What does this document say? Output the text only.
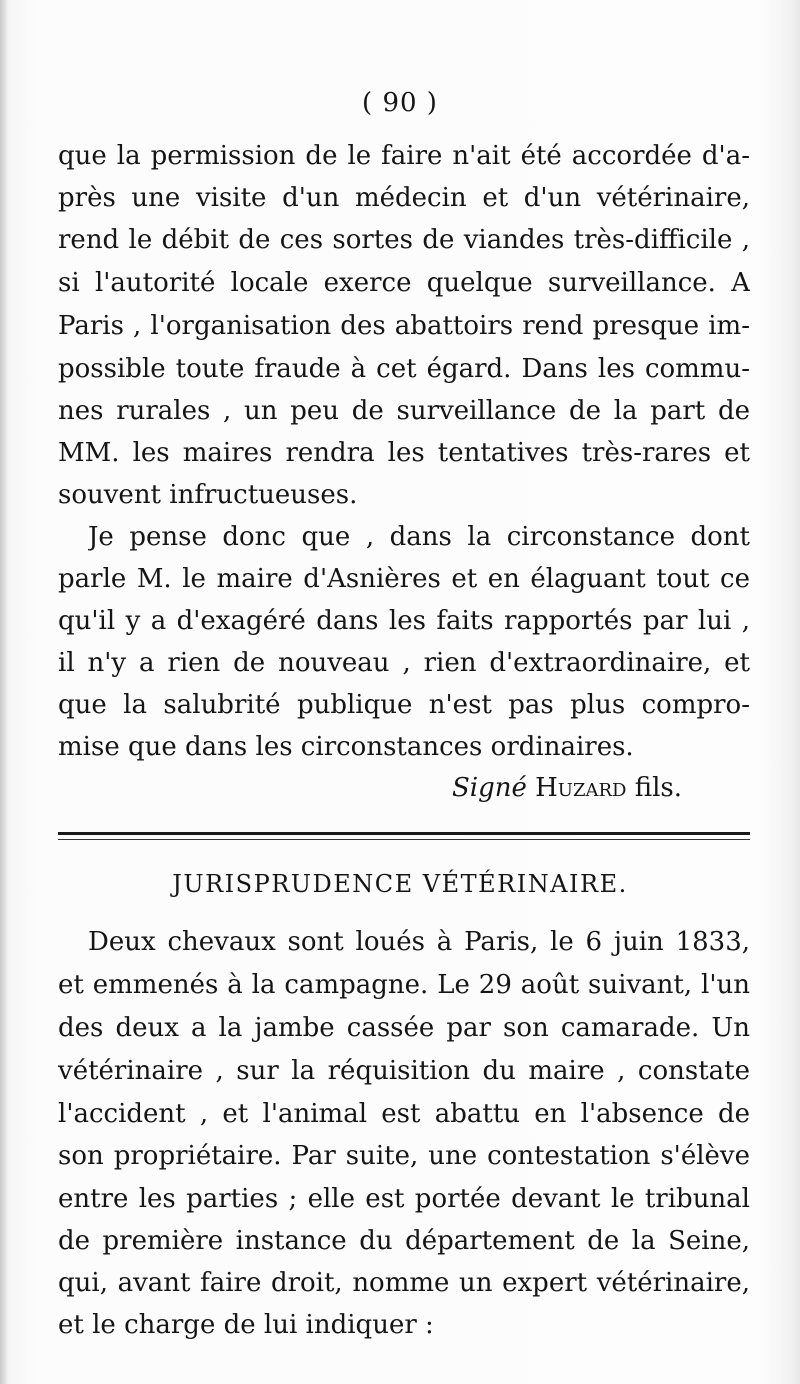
( 90 )
que la permission de le faire n'ait été accordée d'a-
près une visite d'un médecin et d'un vétérinaire,
rend le débit de ces sortes de viandes très-difficile ,
si l'autorité locale exerce quelque surveillance. A
Paris , l'organisation des abattoirs rend presque im-
possible toute fraude à cet égard. Dans les commu-
nes rurales , un peu de surveillance de la part de
MM. les maires rendra les tentatives très-rares et
souvent infructueuses.
Je pense donc que , dans la circonstance dont
parle M. le maire d'Asnières et en élaguant tout ce
qu'il y a d'exagéré dans les faits rapportés par lui ,
il n'y a rien de nouveau , rien d'extraordinaire, et
que la salubrité publique n'est pas plus compro-
mise que dans les circonstances ordinaires.
Signé Huzard fils.
JURISPRUDENCE VÉTÉRINAIRE.
Deux chevaux sont loués à Paris, le 6 juin 1833,
et emmenés à la campagne. Le 29 août suivant, l'un
des deux a la jambe cassée par son camarade. Un
vétérinaire , sur la réquisition du maire , constate
l'accident , et l'animal est abattu en l'absence de
son propriétaire. Par suite, une contestation s'élève
entre les parties ; elle est portée devant le tribunal
de première instance du département de la Seine,
qui, avant faire droit, nomme un expert vétérinaire,
et le charge de lui indiquer :
